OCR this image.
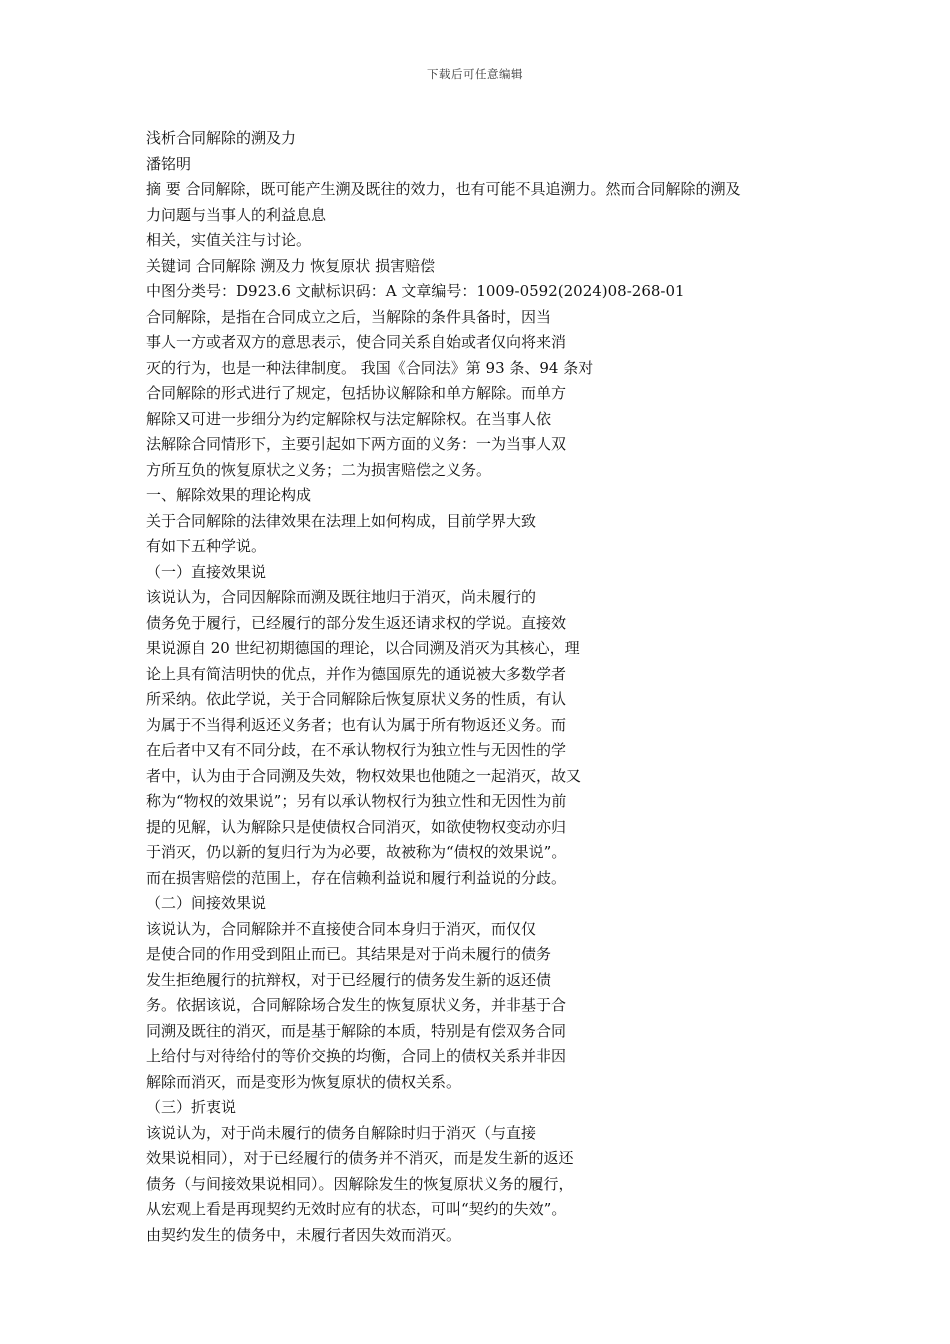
下载后可任意编辑
浅析合同解除的溯及力
潘铭明
摘 要 合同解除，既可能产生溯及既往的效力，也有可能不具追溯力。然而合同解除的溯及
力问题与当事人的利益息息
相关，实值关注与讨论。
关键词 合同解除 溯及力 恢复原状 损害赔偿
中图分类号：D923.6 文献标识码：A 文章编号：1009-0592(2024)08-268-01
合同解除，是指在合同成立之后，当解除的条件具备时，因当
事人一方或者双方的意思表示，使合同关系自始或者仅向将来消
灭的行为，也是一种法律制度。 我国《合同法》第 93 条、94 条对
合同解除的形式进行了规定，包括协议解除和单方解除。而单方
解除又可进一步细分为约定解除权与法定解除权。在当事人依
法解除合同情形下，主要引起如下两方面的义务：一为当事人双
方所互负的恢复原状之义务；二为损害赔偿之义务。
一、解除效果的理论构成
关于合同解除的法律效果在法理上如何构成，目前学界大致
有如下五种学说。
（一）直接效果说
该说认为，合同因解除而溯及既往地归于消灭，尚未履行的
债务免于履行，已经履行的部分发生返还请求权的学说。直接效
果说源自 20 世纪初期德国的理论，以合同溯及消灭为其核心，理
论上具有简洁明快的优点，并作为德国原先的通说被大多数学者
所采纳。依此学说，关于合同解除后恢复原状义务的性质，有认
为属于不当得利返还义务者；也有认为属于所有物返还义务。而
在后者中又有不同分歧，在不承认物权行为独立性与无因性的学
者中，认为由于合同溯及失效，物权效果也他随之一起消灭，故又
称为“物权的效果说”；另有以承认物权行为独立性和无因性为前
提的见解，认为解除只是使债权合同消灭，如欲使物权变动亦归
于消灭，仍以新的复归行为为必要，故被称为“债权的效果说”。
而在损害赔偿的范围上，存在信赖利益说和履行利益说的分歧。
（二）间接效果说
该说认为，合同解除并不直接使合同本身归于消灭，而仅仅
是使合同的作用受到阻止而已。其结果是对于尚未履行的债务
发生拒绝履行的抗辩权，对于已经履行的债务发生新的返还债
务。依据该说，合同解除场合发生的恢复原状义务，并非基于合
同溯及既往的消灭，而是基于解除的本质，特别是有偿双务合同
上给付与对待给付的等价交换的均衡，合同上的债权关系并非因
解除而消灭，而是变形为恢复原状的债权关系。
（三）折衷说
该说认为，对于尚未履行的债务自解除时归于消灭（与直接
效果说相同），对于已经履行的债务并不消灭，而是发生新的返还
债务（与间接效果说相同）。因解除发生的恢复原状义务的履行，
从宏观上看是再现契约无效时应有的状态，可叫“契约的失效”。
由契约发生的债务中，未履行者因失效而消灭。
